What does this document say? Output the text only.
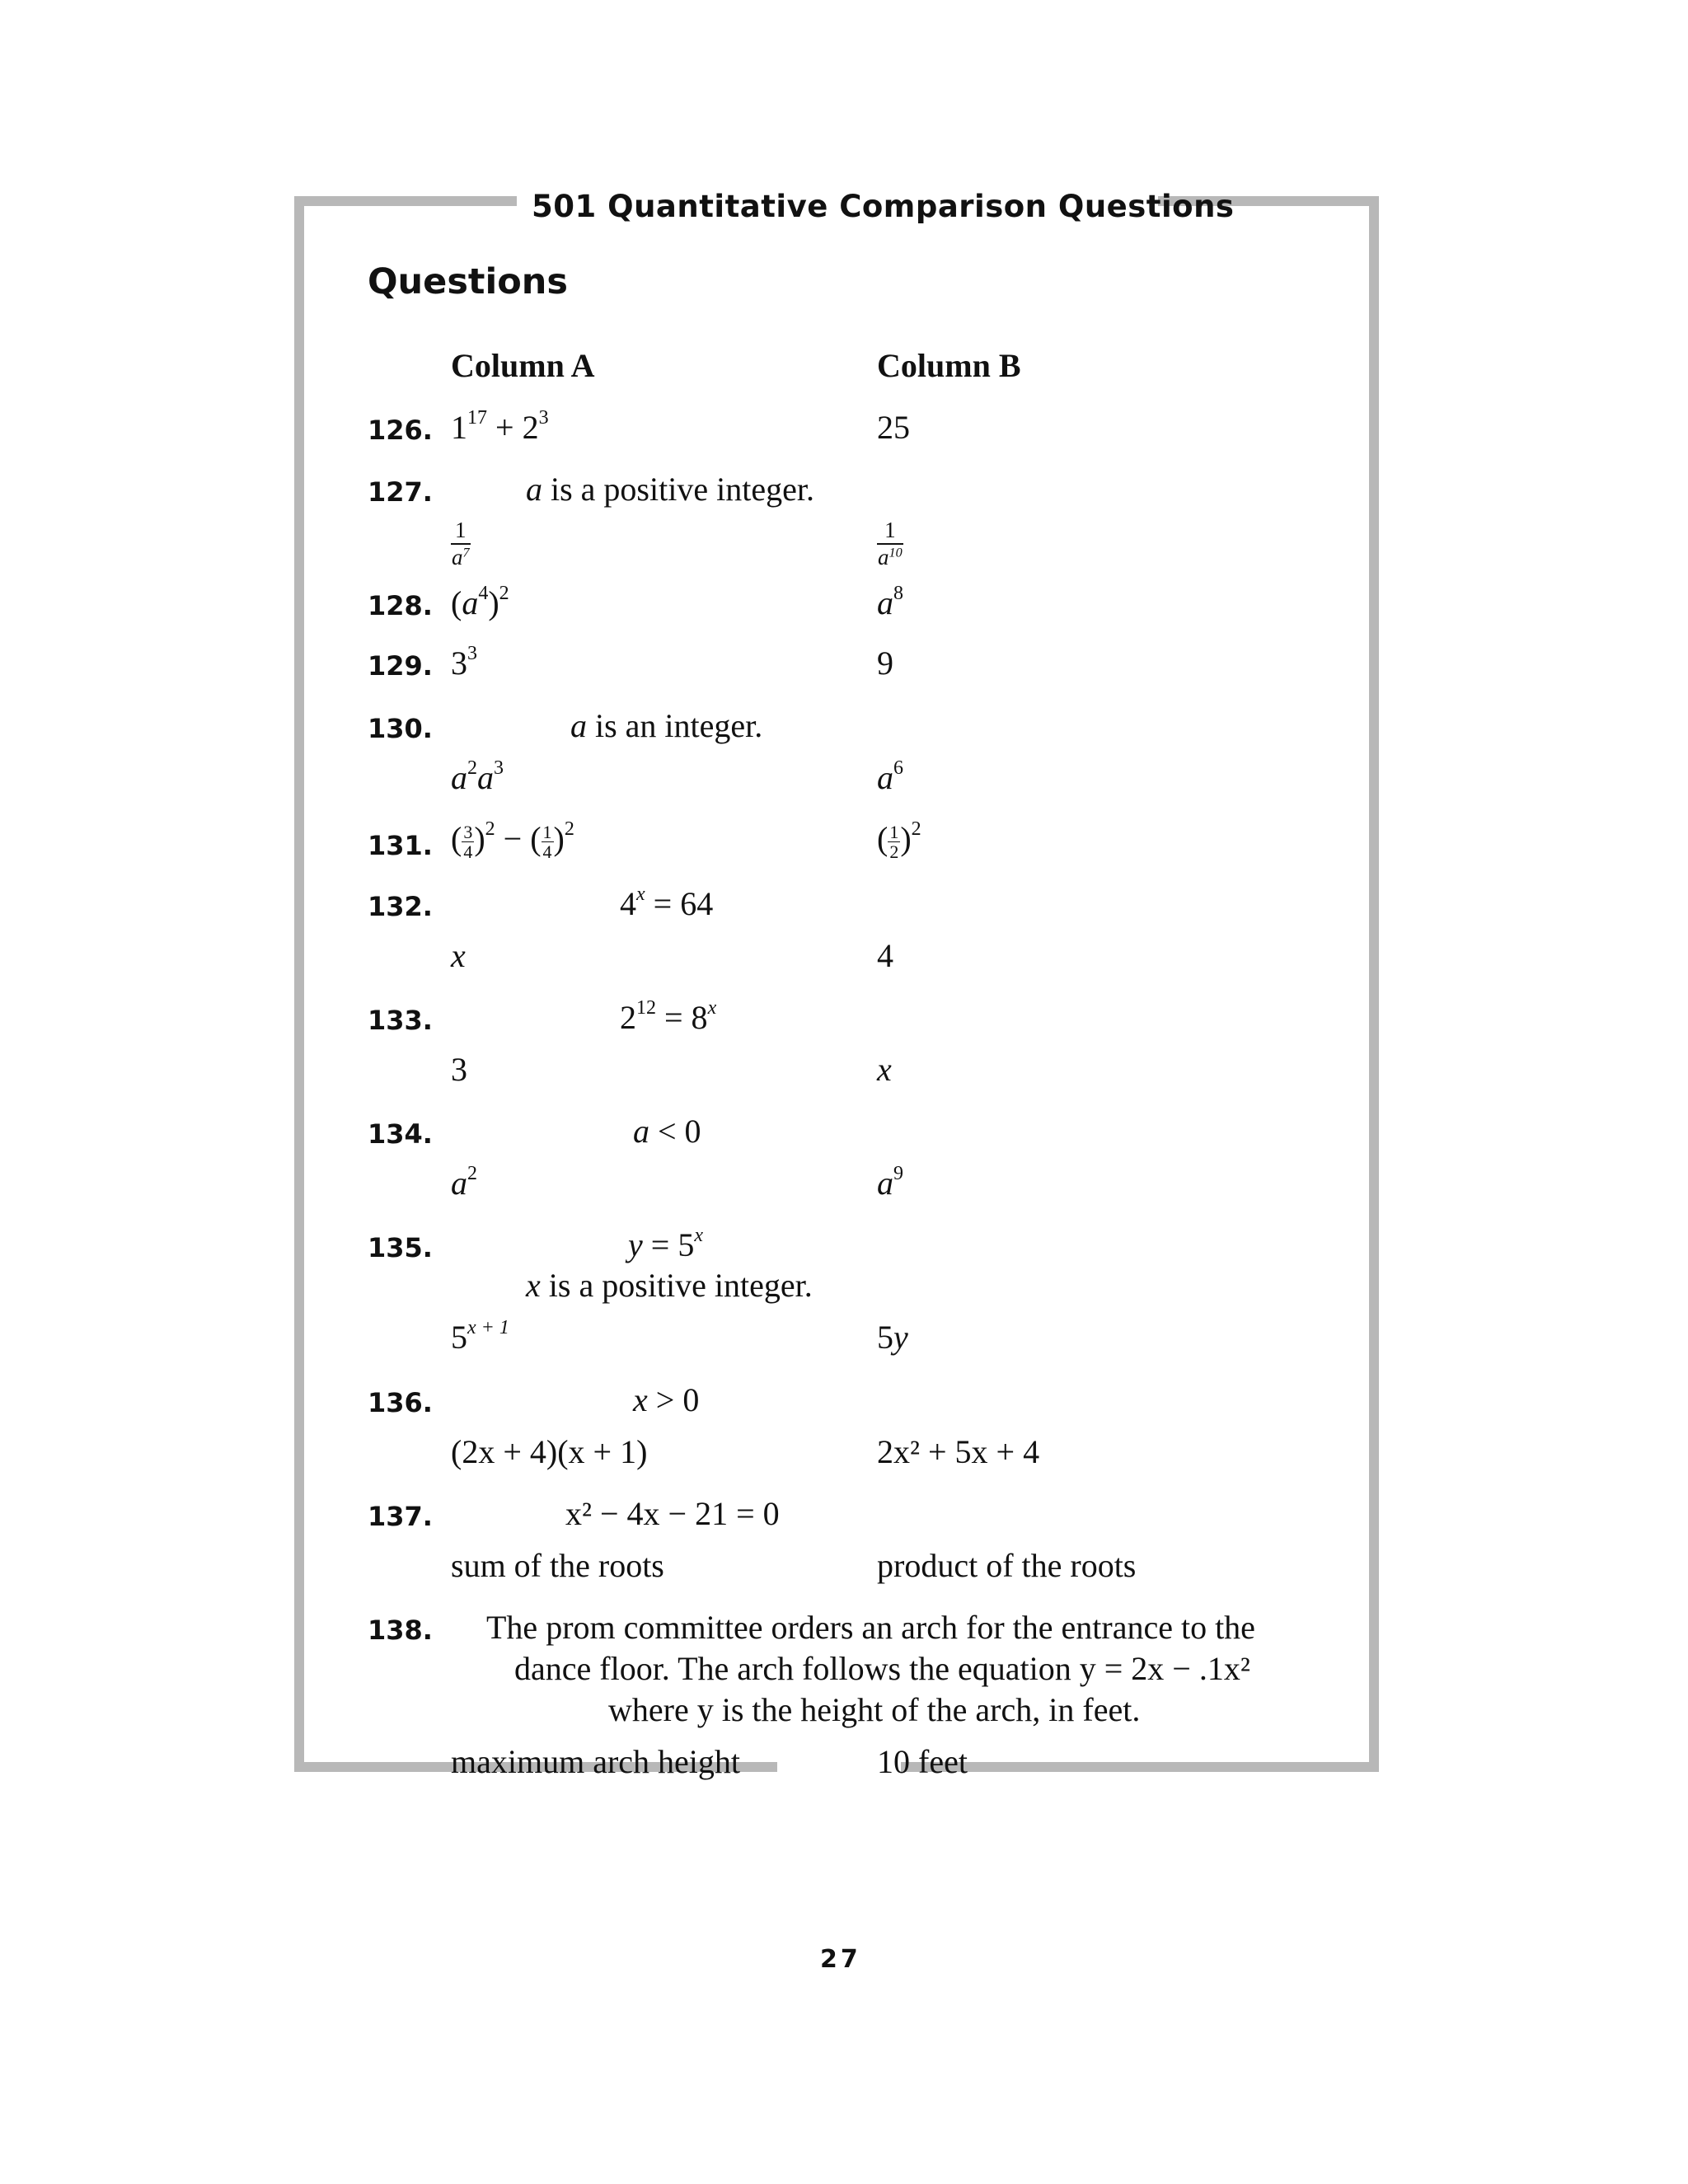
501 Quantitative Comparison Questions
Questions
Column A	Column B
126. $1^{17} + 2^3$	25
127.	a is a positive integer.
$\frac{1}{a^7}$	$\frac{1}{a^{10}}$
128. $(a^4)^2$	$a^8$
129. $3^3$	9
130.	a is an integer.
$a^2a^3$	$a^6$
131. ( $\frac{3}{4} )^2$ − ( $\frac{1}{4} )^2$	( $\frac{1}{2} )^2$
132.	$4^x = 64$
x	4
133.	$2^{12} = 8^x$
3	x
134.	a < 0
$a^2$	$a^9$
135.	$y = 5^x$
x is a positive integer.
$5^{x + 1}$	5y
136.	x > 0
(2x + 4)(x + 1)	2x² + 5x + 4
137.	x² − 4x − 21 = 0
sum of the roots	product of the roots
138. The prom committee orders an arch for the entrance to the
dance floor. The arch follows the equation y = 2x − .1x²
where y is the height of the arch, in feet.
maximum arch height	10 feet
27
